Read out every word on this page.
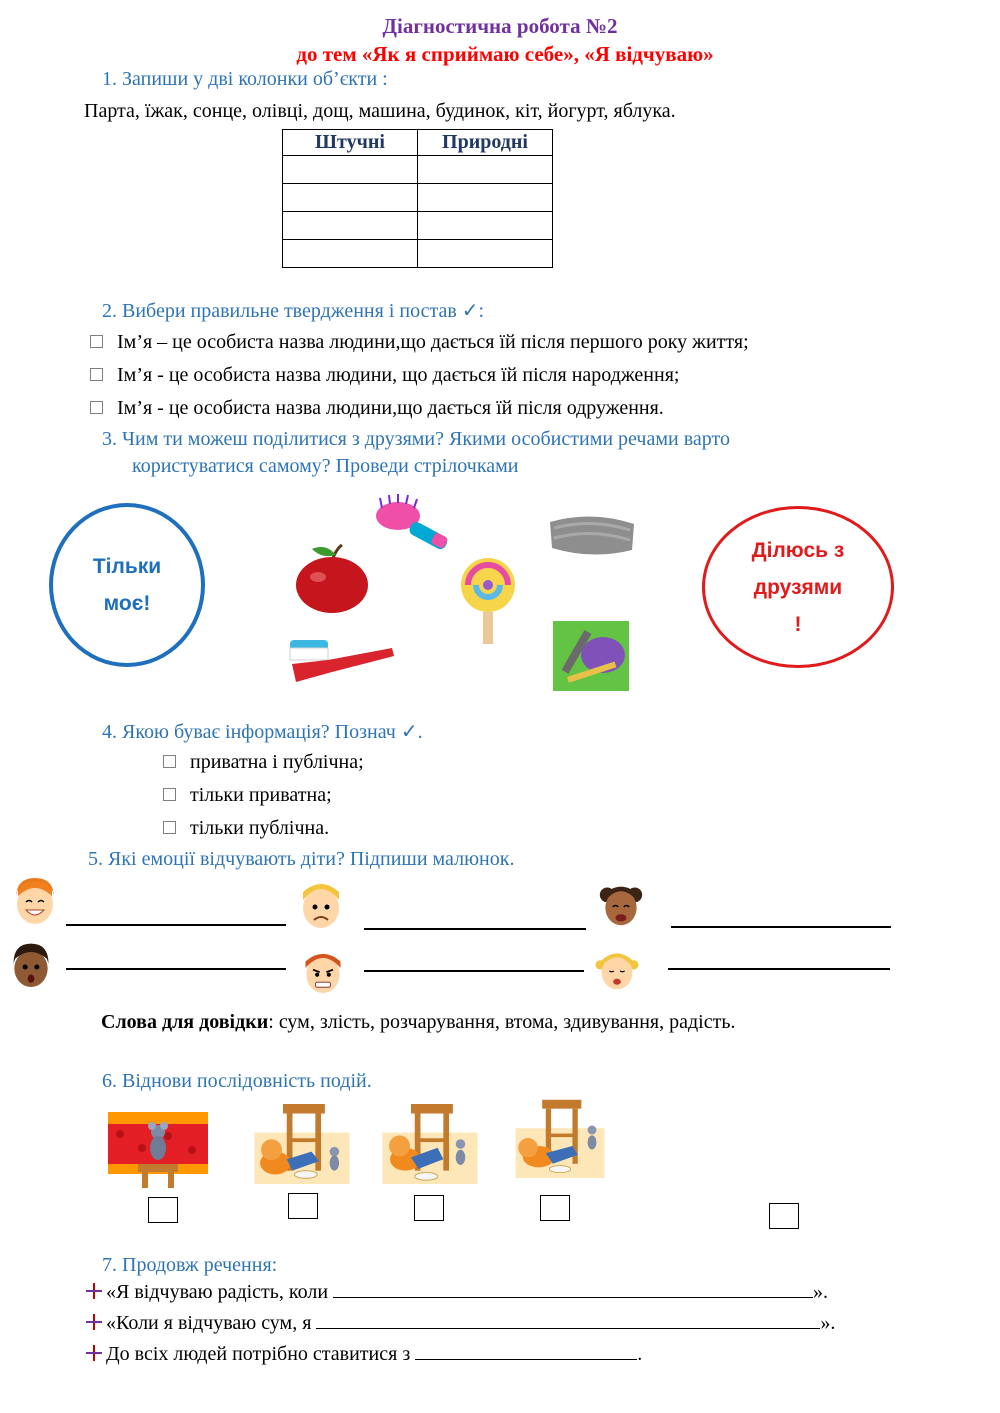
Діагностична робота №2
до тем «Як я сприймаю себе», «Я відчуваю»
1. Запиши у дві колонки об’єкти :
Парта, їжак, сонце, олівці, дощ, машина, будинок, кіт, йогурт, яблука.
Штучні	Природні

2. Вибери правильне твердження і постав ✓:
Ім’я – це особиста назва людини,що дається їй після першого року життя;
Ім’я - це особиста назва людини, що дається їй після народження;
Ім’я - це особиста назва людини,що дається їй після одруження.
3. Чим ти можеш поділитися з друзями? Якими особистими речами варто
користуватися самому? Проведи стрілочками
Тільки
моє!
Ділюсь з
друзями
!
4. Якою буває інформація? Познач ✓.
приватна і публічна;
тільки приватна;
тільки публічна.
5. Які емоції відчувають діти? Підпиши малюнок.
Слова для довідки: сум, злість, розчарування, втома, здивування, радість.
6. Віднови послідовність подій.
7. Продовж речення:
«Я відчуваю радість, коли	».
«Коли я відчуваю сум, я	».
До всіх людей потрібно ставитися з	.
